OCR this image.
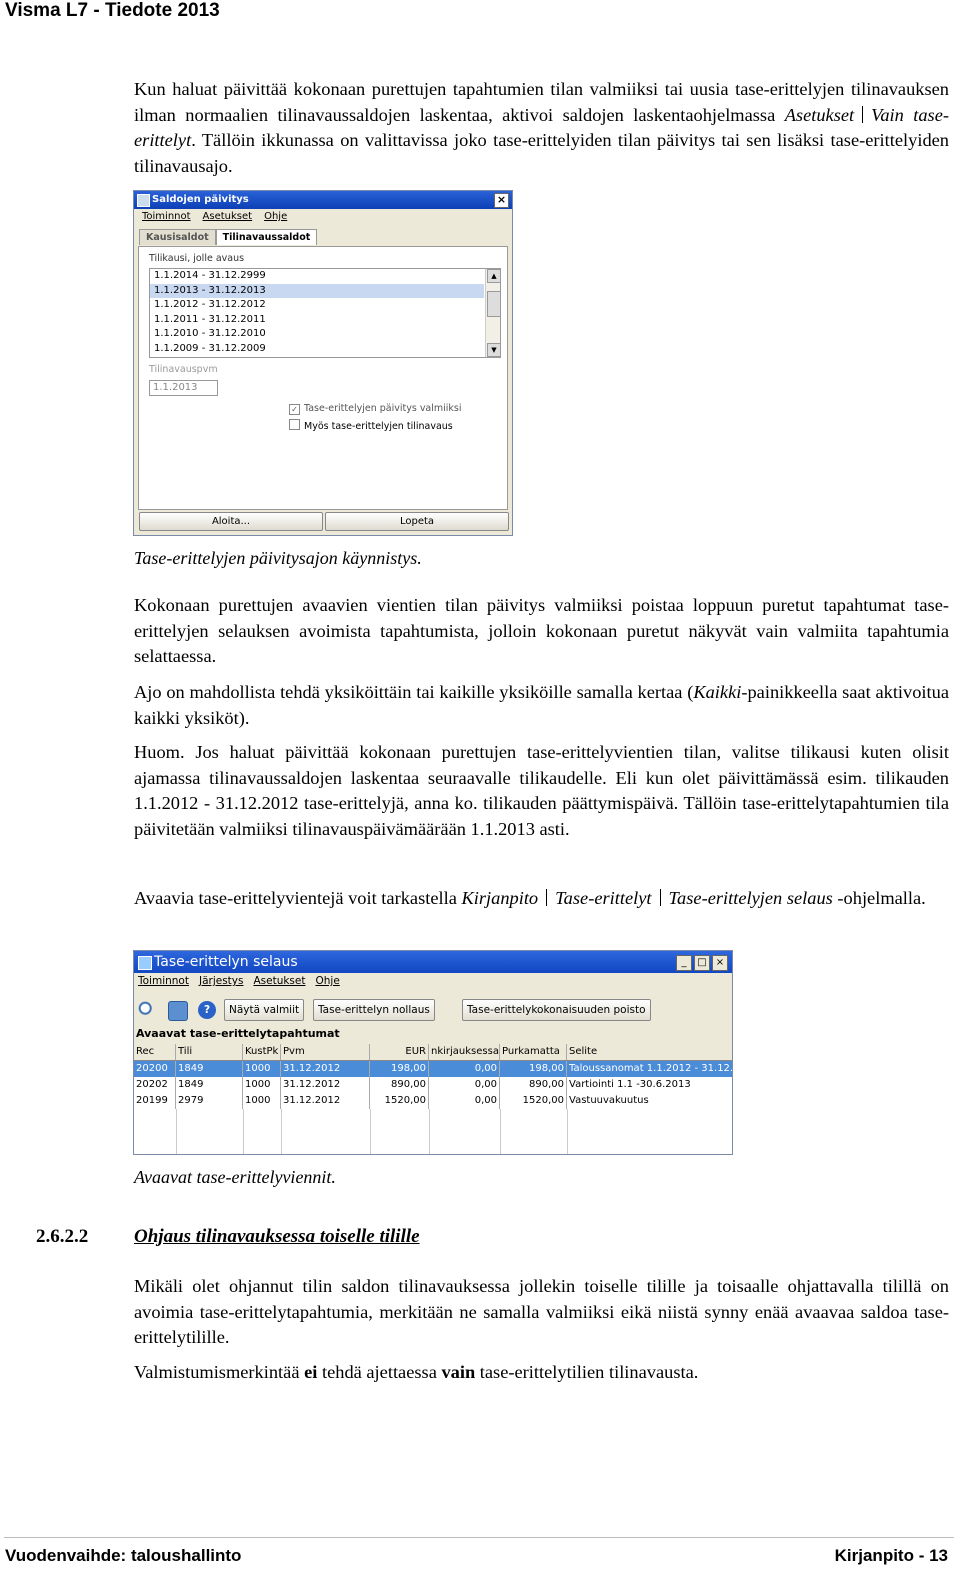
Visma L7 - Tiedote 2013
Kun haluat päivittää kokonaan purettujen tapahtumien tilan valmiiksi tai uusia tase-erittelyjen tilinavauksen ilman normaalien tilinavaussaldojen laskentaa, aktivoi saldojen laskentaohjelmassa Asetukset Vain tase-erittelyt. Tällöin ikkunassa on valittavissa joko tase-erittelyiden tilan päivitys tai sen lisäksi tase-erittelyiden tilinavausajo.
Saldojen päivitys	×
Toiminnot Asetukset Ohje
Kausisaldot Tilinavaussaldot
Tilikausi, jolle avaus
1.1.2014 - 31.12.2999
1.1.2013 - 31.12.2013
1.1.2012 - 31.12.2012
1.1.2011 - 31.12.2011
1.1.2010 - 31.12.2010
1.1.2009 - 31.12.2009
▲
▼
Tilinavauspvm
1.1.2013
✓ Tase-erittelyjen päivitys valmiiksi
Myös tase-erittelyjen tilinavaus
Aloita...	Lopeta
Tase-erittelyjen päivitysajon käynnistys.
Kokonaan purettujen avaavien vientien tilan päivitys valmiiksi poistaa loppuun puretut tapahtumat tase-erittelyjen selauksen avoimista tapahtumista, jolloin kokonaan puretut näkyvät vain valmiita tapahtumia selattaessa.
Ajo on mahdollista tehdä yksiköittäin tai kaikille yksiköille samalla kertaa (Kaikki-painikkeella saat aktivoitua kaikki yksiköt).
Huom. Jos haluat päivittää kokonaan purettujen tase-erittelyvientien tilan, valitse tilikausi kuten olisit ajamassa tilinavaussaldojen laskentaa seuraavalle tilikaudelle. Eli kun olet päivittämässä esim. tilikauden 1.1.2012 - 31.12.2012 tase-erittelyjä, anna ko. tilikauden päättymispäivä. Tällöin tase-erittelytapahtumien tila päivitetään valmiiksi tilinavauspäivämäärään 1.1.2013 asti.
Avaavia tase-erittelyvientejä voit tarkastella Kirjanpito Tase-erittelyt Tase-erittelyjen selaus -ohjelmalla.
Tase-erittelyn selaus	_	□ ×
Toiminnot Järjestys Asetukset Ohje
?	Näytä valmiit	Tase-erittelyn nollaus	Tase-erittelykokonaisuuden poisto
Avaavat tase-erittelytapahtumat
Rec	Tili	KustPk Pvm	EUR nkirjauksessa Purkamatta Selite
20200	1849	1000	31.12.2012	198,00	0,00	198,00 Taloussanomat 1.1.2012 - 31.12.2012
20202	1849	1000	31.12.2012	890,00	0,00	890,00 Vartiointi 1.1 -30.6.2013
20199	2979	1000	31.12.2012	1520,00	0,00	1520,00 Vastuuvakuutus
Avaavat tase-erittelyviennit.
2.6.2.2 Ohjaus tilinavauksessa toiselle tilille
Mikäli olet ohjannut tilin saldon tilinavauksessa jollekin toiselle tilille ja toisaalle ohjattavalla tilillä on avoimia tase-erittelytapahtumia, merkitään ne samalla valmiiksi eikä niistä synny enää avaavaa saldoa tase-erittelytilille.
Valmistumismerkintää ei tehdä ajettaessa vain tase-erittelytilien tilinavausta.
Vuodenvaihde: taloushallinto	Kirjanpito - 13
